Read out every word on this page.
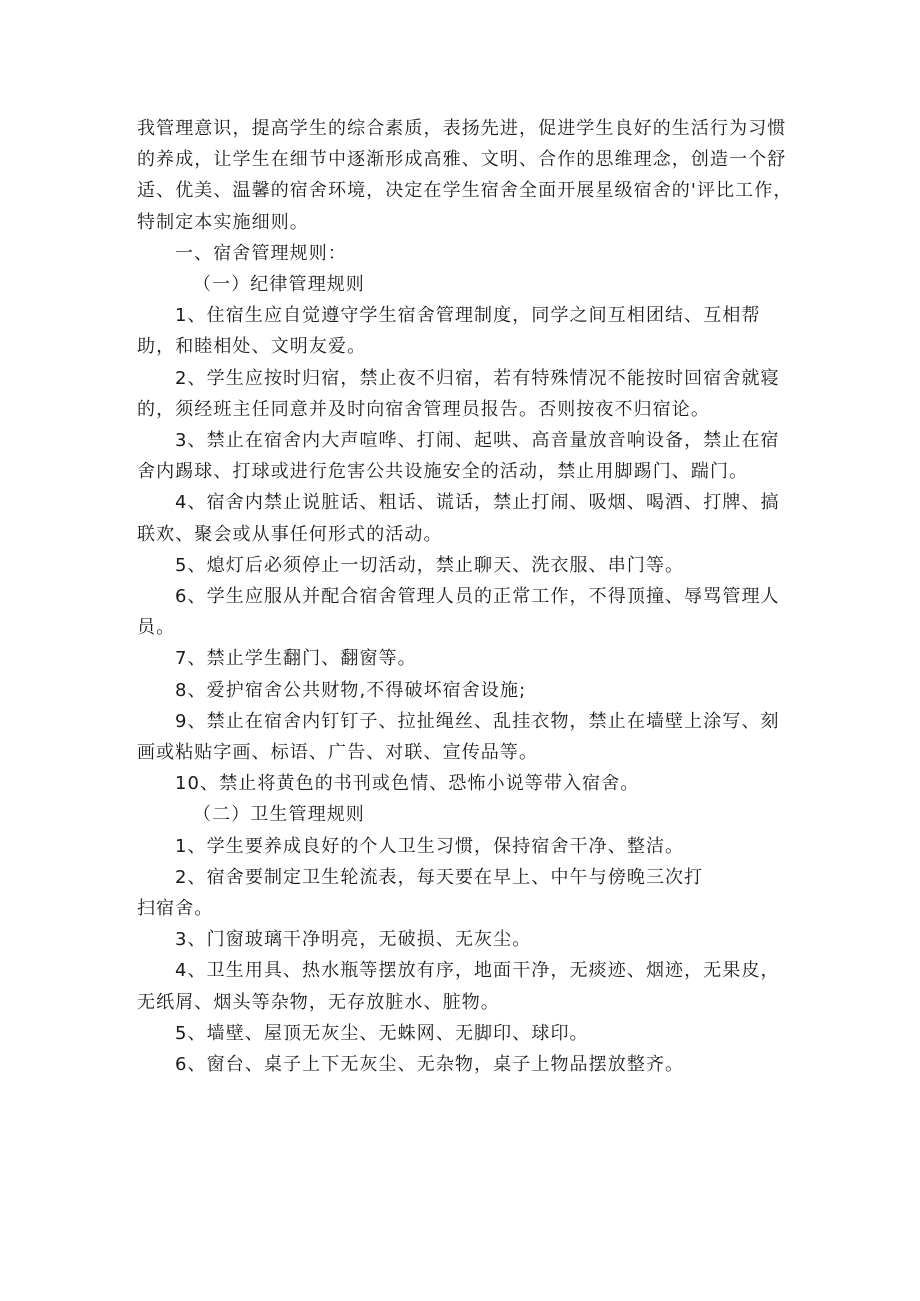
我管理意识，提高学生的综合素质，表扬先进，促进学生良好的生活行为习惯的养成，让学生在细节中逐渐形成高雅、文明、合作的思维理念，创造一个舒适、优美、温馨的宿舍环境，决定在学生宿舍全面开展星级宿舍的'评比工作，特制定本实施细则。

一、宿舍管理规则：

（一）纪律管理规则

1、住宿生应自觉遵守学生宿舍管理制度，同学之间互相团结、互相帮助，和睦相处、文明友爱。

2、学生应按时归宿，禁止夜不归宿，若有特殊情况不能按时回宿舍就寝的，须经班主任同意并及时向宿舍管理员报告。否则按夜不归宿论。

3、禁止在宿舍内大声喧哗、打闹、起哄、高音量放音响设备，禁止在宿舍内踢球、打球或进行危害公共设施安全的活动，禁止用脚踢门、踹门。

4、宿舍内禁止说脏话、粗话、谎话，禁止打闹、吸烟、喝酒、打牌、搞联欢、聚会或从事任何形式的活动。

5、熄灯后必须停止一切活动，禁止聊天、洗衣服、串门等。

6、学生应服从并配合宿舍管理人员的正常工作，不得顶撞、辱骂管理人员。

7、禁止学生翻门、翻窗等。

8、爱护宿舍公共财物,不得破坏宿舍设施;

9、禁止在宿舍内钉钉子、拉扯绳丝、乱挂衣物，禁止在墙壁上涂写、刻画或粘贴字画、标语、广告、对联、宣传品等。

10、禁止将黄色的书刊或色情、恐怖小说等带入宿舍。

（二）卫生管理规则

1、学生要养成良好的个人卫生习惯，保持宿舍干净、整洁。

2、宿舍要制定卫生轮流表，每天要在早上、中午与傍晚三次打

扫宿舍。

3、门窗玻璃干净明亮，无破损、无灰尘。

4、卫生用具、热水瓶等摆放有序，地面干净，无痰迹、烟迹，无果皮，无纸屑、烟头等杂物，无存放脏水、脏物。

5、墙壁、屋顶无灰尘、无蛛网、无脚印、球印。

6、窗台、桌子上下无灰尘、无杂物，桌子上物品摆放整齐。
